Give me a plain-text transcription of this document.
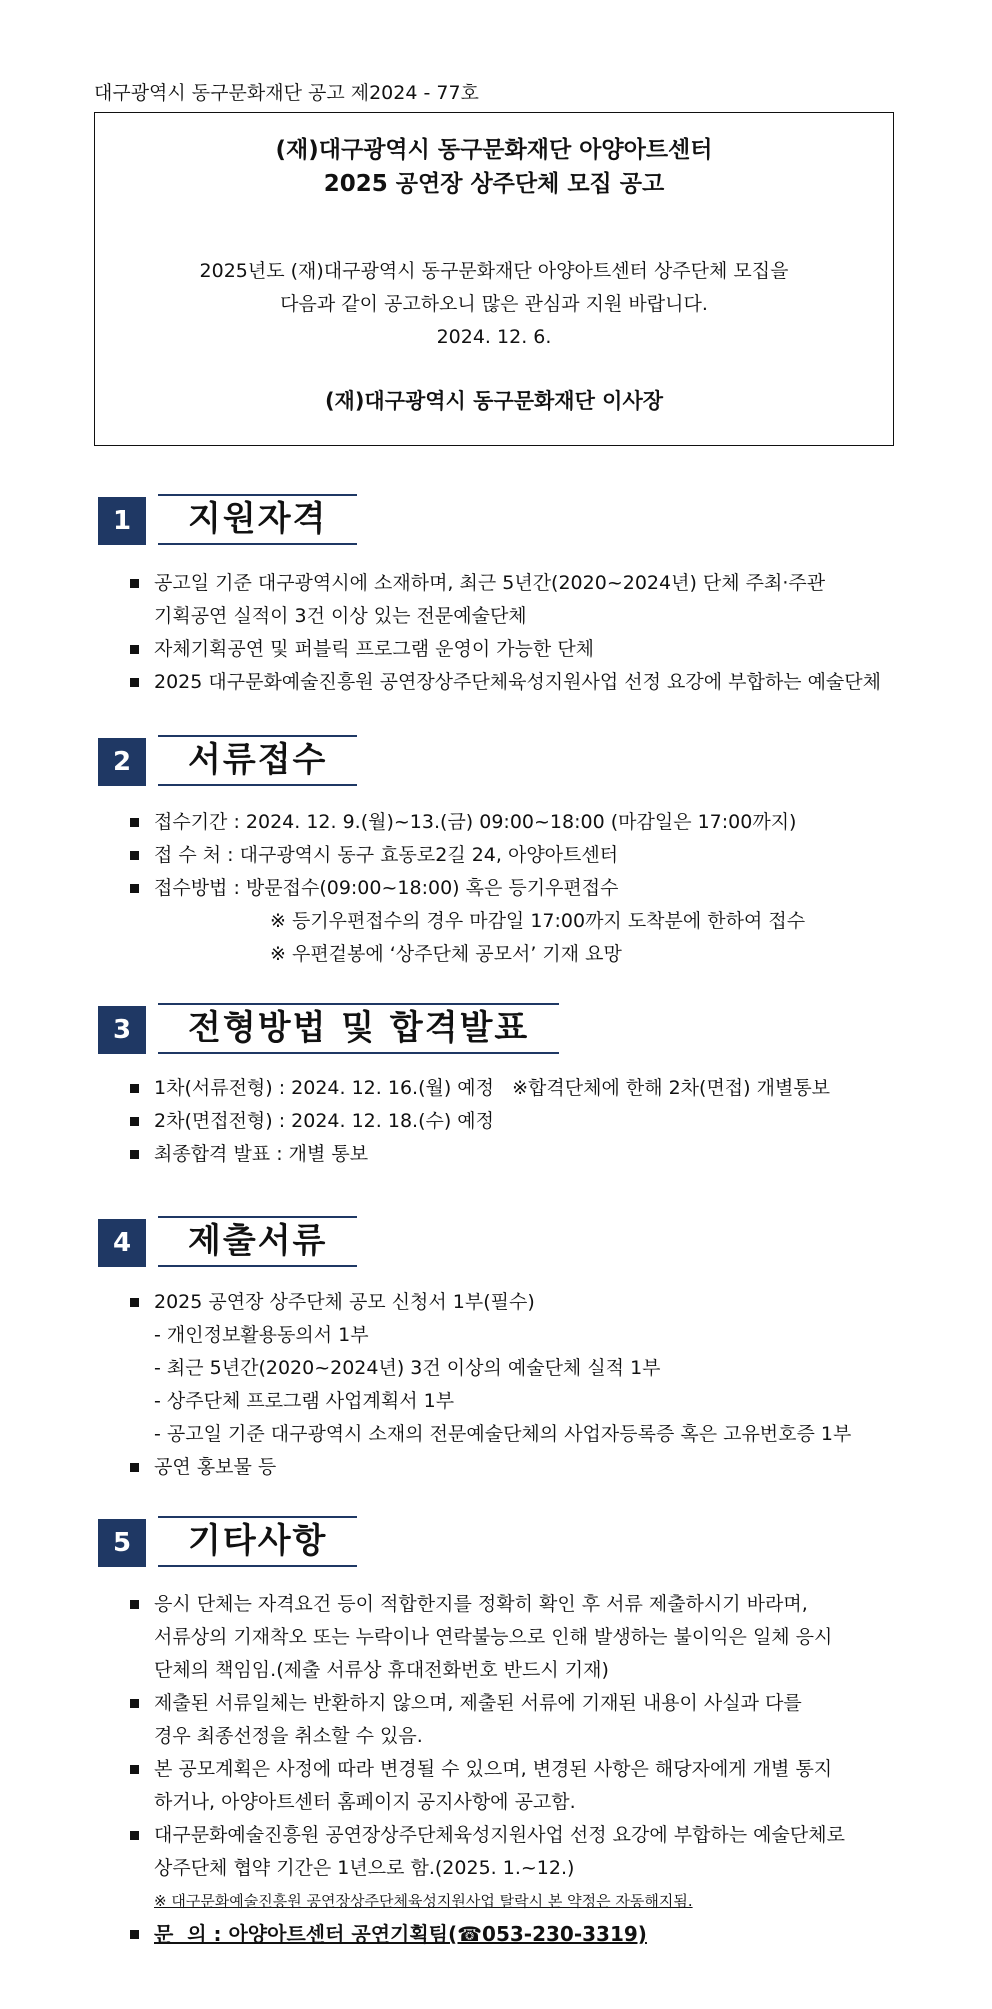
대구광역시 동구문화재단 공고 제2024 - 77호
(재)대구광역시 동구문화재단 아양아트센터
2025 공연장 상주단체 모집 공고
2025년도 (재)대구광역시 동구문화재단 아양아트센터 상주단체 모집을
다음과 같이 공고하오니 많은 관심과 지원 바랍니다.
2024. 12. 6.
(재)대구광역시 동구문화재단 이사장
1	지원자격
공고일 기준 대구광역시에 소재하며, 최근 5년간(2020~2024년) 단체 주최·주관
기획공연 실적이 3건 이상 있는 전문예술단체
자체기획공연 및 퍼블릭 프로그램 운영이 가능한 단체
2025 대구문화예술진흥원 공연장상주단체육성지원사업 선정 요강에 부합하는 예술단체
2	서류접수
접수기간 : 2024. 12. 9.(월)~13.(금) 09:00~18:00 (마감일은 17:00까지)
접 수 처 : 대구광역시 동구 효동로2길 24, 아양아트센터
접수방법 : 방문접수(09:00~18:00) 혹은 등기우편접수
※ 등기우편접수의 경우 마감일 17:00까지 도착분에 한하여 접수
※ 우편겉봉에 ‘상주단체 공모서’ 기재 요망
3	전형방법 및 합격발표
1차(서류전형) : 2024. 12. 16.(월) 예정   ※합격단체에 한해 2차(면접) 개별통보
2차(면접전형) : 2024. 12. 18.(수) 예정
최종합격 발표 : 개별 통보
4	제출서류
2025 공연장 상주단체 공모 신청서 1부(필수)
- 개인정보활용동의서 1부
- 최근 5년간(2020~2024년) 3건 이상의 예술단체 실적 1부
- 상주단체 프로그램 사업계획서 1부
- 공고일 기준 대구광역시 소재의 전문예술단체의 사업자등록증 혹은 고유번호증 1부
공연 홍보물 등
5	기타사항
응시 단체는 자격요건 등이 적합한지를 정확히 확인 후 서류 제출하시기 바라며,
서류상의 기재착오 또는 누락이나 연락불능으로 인해 발생하는 불이익은 일체 응시
단체의 책임임.(제출 서류상 휴대전화번호 반드시 기재)
제출된 서류일체는 반환하지 않으며, 제출된 서류에 기재된 내용이 사실과 다를
경우 최종선정을 취소할 수 있음.
본 공모계획은 사정에 따라 변경될 수 있으며, 변경된 사항은 해당자에게 개별 통지
하거나, 아양아트센터 홈페이지 공지사항에 공고함.
대구문화예술진흥원 공연장상주단체육성지원사업 선정 요강에 부합하는 예술단체로
상주단체 협약 기간은 1년으로 함.(2025. 1.~12.)
※ 대구문화예술진흥원 공연장상주단체육성지원사업 탈락시 본 약정은 자동해지됨.
문  의 : 아양아트센터 공연기획팀(☎053-230-3319)
